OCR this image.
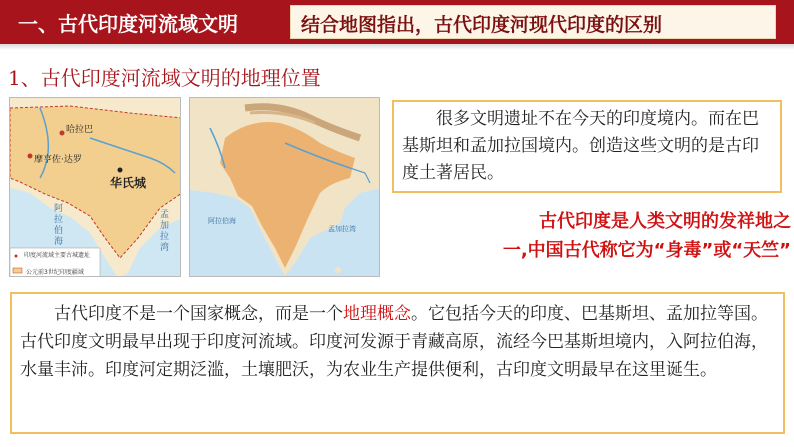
一、古代印度河流域文明	结合地图指出，古代印度河现代印度的区别
1、古代印度河流域文明的地理位置
哈拉巴
摩亨佐·达罗
华氏城
阿拉伯海
孟加拉湾
印度河流域主要古城遗址
公元前3世纪印度疆域
阿拉伯海
孟加拉湾

很多文明遗址不在今天的印度境内。而在巴基斯坦和孟加拉国境内。创造这些文明的是古印度土著居民。

古代印度是人类文明的发祥地之
一,中国古代称它为“身毒”或“天竺”

古代印度不是一个国家概念，而是一个地理概念。它包括今天的印度、巴基斯坦、孟加拉等国。古代印度文明最早出现于印度河流域。印度河发源于青藏高原，流经今巴基斯坦境内，入阿拉伯海，水量丰沛。印度河定期泛滥，土壤肥沃，为农业生产提供便利，古印度文明最早在这里诞生。
